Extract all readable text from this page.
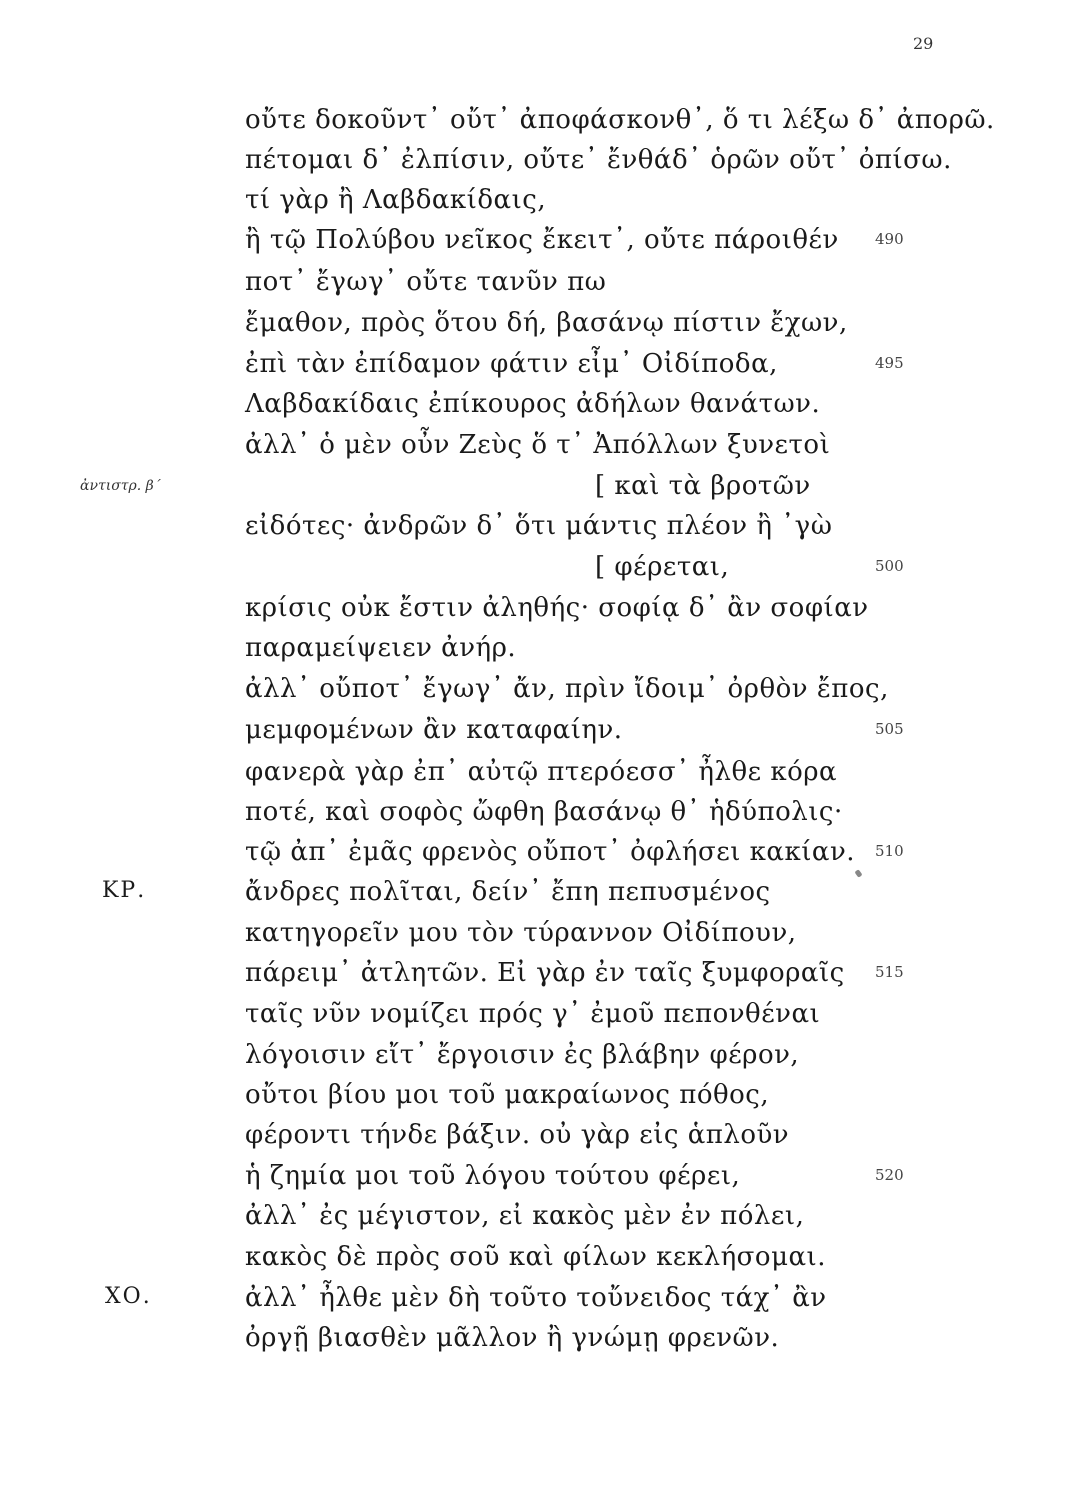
29
οὔτε δοκοῦντ᾽ οὔτ᾽ ἀποφάσκονθ᾽, ὅ τι λέξω δ᾽ ἀπορῶ.
πέτομαι δ᾽ ἐλπίσιν, οὔτε᾽ ἔνθάδ᾽ ὁρῶν οὔτ᾽ ὀπίσω.
τί γὰρ ἢ Λαβδακίδαις,
ἢ τῷ Πολύβου νεῖκος ἔκειτ᾽, οὔτε πάροιθέν 490
ποτ᾽ ἔγωγ᾽ οὔτε τανῦν πω
ἔμαθον, πρὸς ὅτου δή, βασάνῳ πίστιν ἔχων,
ἐπὶ τὰν ἐπίδαμον φάτιν εἶμ᾽ Οἰδίποδα,	495
Λαβδακίδαις ἐπίκουρος ἀδήλων θανάτων.
ἀλλ᾽ ὁ μὲν οὖν Ζεὺς ὅ τ᾽ Ἀπόλλων ξυνετοὶ
[ καὶ τὰ βροτῶν
ἀντιστρ. β´
εἰδότες· ἀνδρῶν δ᾽ ὅτι μάντις πλέον ἢ ᾽γὼ
[ φέρεται,	500
κρίσις οὐκ ἔστιν ἀληθής· σοφίᾳ δ᾽ ἂν σοφίαν
παραμείψειεν ἀνήρ.
ἀλλ᾽ οὔποτ᾽ ἔγωγ᾽ ἄν, πρὶν ἴδοιμ᾽ ὀρθὸν ἔπος,
μεμφομένων ἂν καταφαίην.	505
φανερὰ γὰρ ἐπ᾽ αὐτῷ πτερόεσσ᾽ ἦλθε κόρα
ποτέ, καὶ σοφὸς ὤφθη βασάνῳ θ᾽ ἡδύπολις·
τῷ ἀπ᾽ ἐμᾶς φρενὸς οὔποτ᾽ ὀφλήσει κακίαν. 510
ἄνδρες πολῖται, δείν᾽ ἔπη πεπυσμένος
ΚΡ.
κατηγορεῖν μου τὸν τύραννον Οἰδίπουν,
πάρειμ᾽ ἀτλητῶν. Εἰ γὰρ ἐν ταῖς ξυμφοραῖς 515
ταῖς νῦν νομίζει πρός γ᾽ ἐμοῦ πεπονθέναι
λόγοισιν εἴτ᾽ ἔργοισιν ἐς βλάβην φέρον,
οὔτοι βίου μοι τοῦ μακραίωνος πόθος,
φέροντι τήνδε βάξιν. οὐ γὰρ εἰς ἁπλοῦν
ἡ ζημία μοι τοῦ λόγου τούτου φέρει,	520
ἀλλ᾽ ἐς μέγιστον, εἰ κακὸς μὲν ἐν πόλει,
κακὸς δὲ πρὸς σοῦ καὶ φίλων κεκλήσομαι.
ἀλλ᾽ ἦλθε μὲν δὴ τοῦτο τοὔνειδος τάχ᾽ ἂν
ΧΟ.
ὀργῇ βιασθὲν μᾶλλον ἢ γνώμῃ φρενῶν.
